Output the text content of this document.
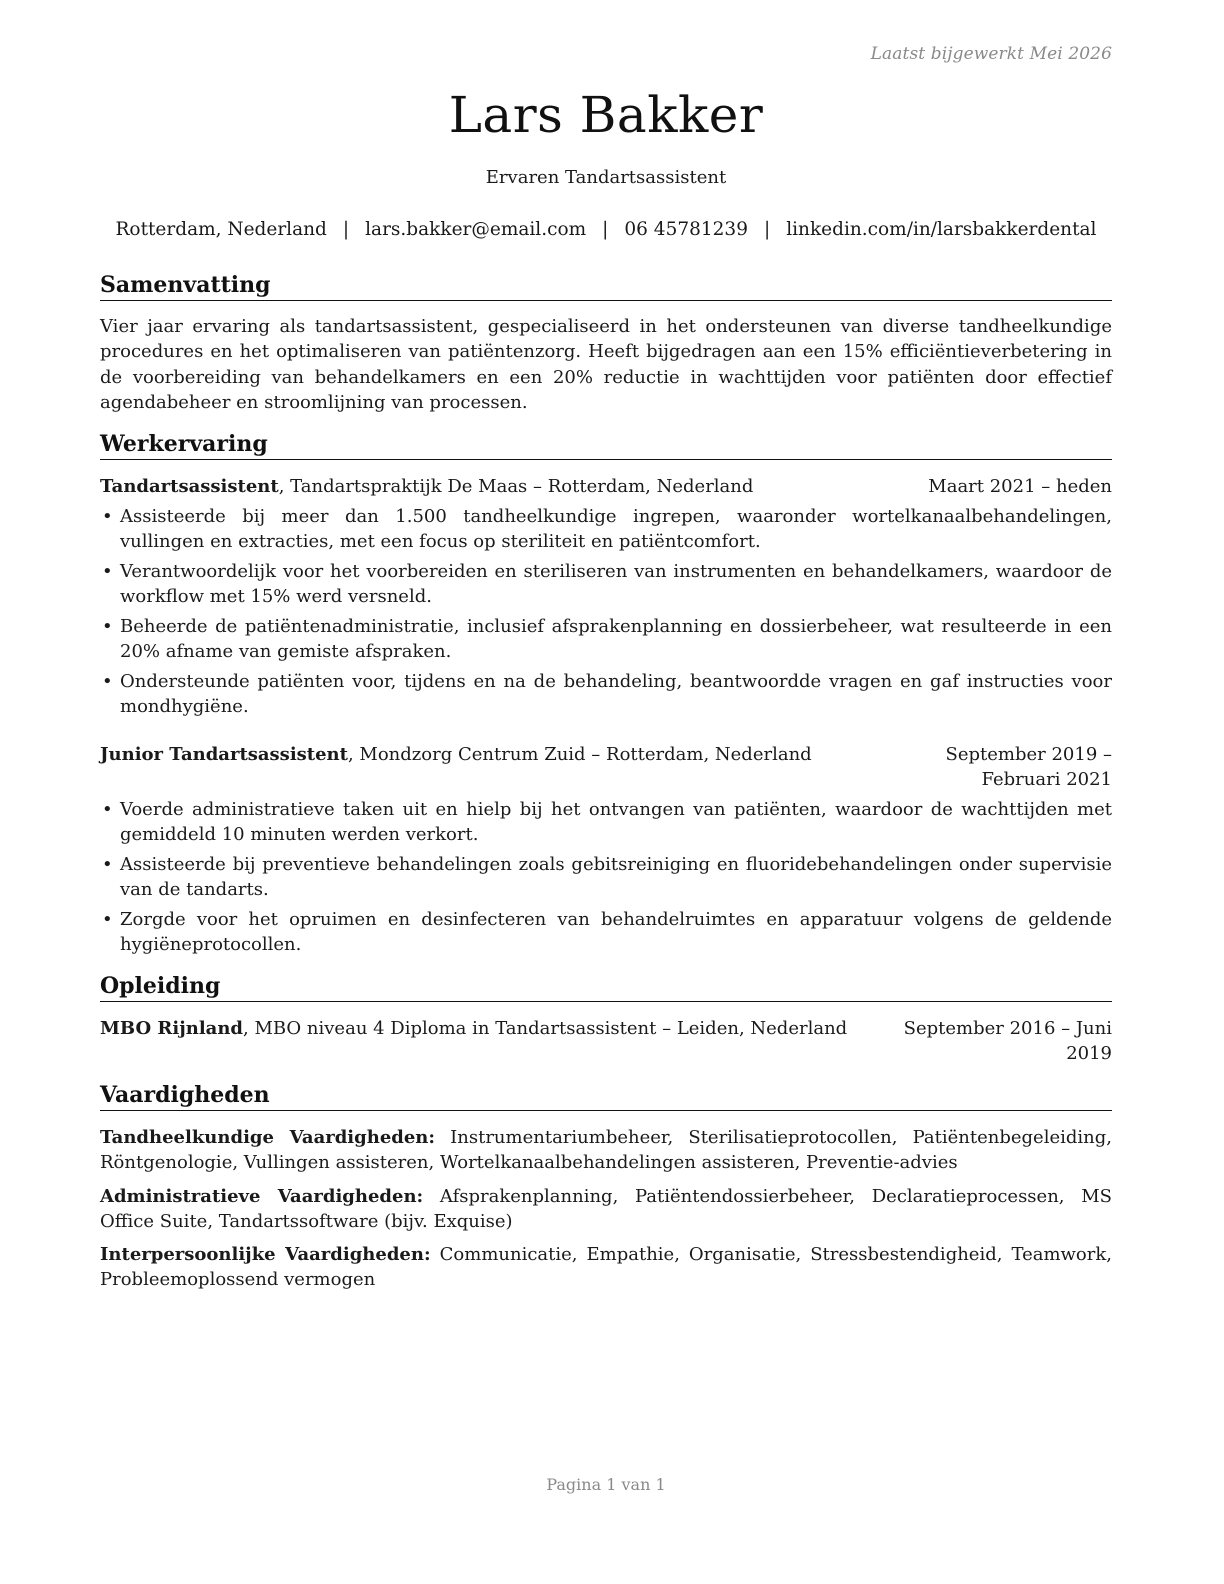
Laatst bijgewerkt Mei 2026
Lars Bakker
Ervaren Tandartsassistent
Rotterdam, Nederland | lars.bakker@email.com | 06 45781239 | linkedin.com/in/larsbakkerdental
Samenvatting
Vier jaar ervaring als tandartsassistent, gespecialiseerd in het ondersteunen van diverse tandheelkundige procedures en het optimaliseren van patiëntenzorg. Heeft bijgedragen aan een 15% efficiëntieverbetering in de voorbereiding van behandelkamers en een 20% reductie in wachttijden voor patiënten door effectief agendabeheer en stroomlijning van processen.
Werkervaring
Tandartsassistent, Tandartspraktijk De Maas – Rotterdam, Nederland	Maart 2021 – heden
• Assisteerde bij meer dan 1.500 tandheelkundige ingrepen, waaronder wortelkanaalbehandelingen, vullingen en extracties, met een focus op steriliteit en patiëntcomfort.
• Verantwoordelijk voor het voorbereiden en steriliseren van instrumenten en behandelkamers, waardoor de workflow met 15% werd versneld.
• Beheerde de patiëntenadministratie, inclusief afsprakenplanning en dossierbeheer, wat resulteerde in een 20% afname van gemiste afspraken.
• Ondersteunde patiënten voor, tijdens en na de behandeling, beantwoordde vragen en gaf instructies voor mondhygiëne.
Junior Tandartsassistent, Mondzorg Centrum Zuid – Rotterdam, Nederland	September 2019 – Februari 2021
• Voerde administratieve taken uit en hielp bij het ontvangen van patiënten, waardoor de wachttijden met gemiddeld 10 minuten werden verkort.
• Assisteerde bij preventieve behandelingen zoals gebitsreiniging en fluoridebehandelingen onder supervisie van de tandarts.
• Zorgde voor het opruimen en desinfecteren van behandelruimtes en apparatuur volgens de geldende hygiëneprotocollen.
Opleiding
MBO Rijnland, MBO niveau 4 Diploma in Tandartsassistent – Leiden, Nederland	September 2016 – Juni 2019
Vaardigheden
Tandheelkundige Vaardigheden: Instrumentariumbeheer, Sterilisatieprotocollen, Patiëntenbegeleiding, Röntgenologie, Vullingen assisteren, Wortelkanaalbehandelingen assisteren, Preventie-advies
Administratieve Vaardigheden: Afsprakenplanning, Patiëntendossierbeheer, Declaratieprocessen, MS Office Suite, Tandartssoftware (bijv. Exquise)
Interpersoonlijke Vaardigheden: Communicatie, Empathie, Organisatie, Stressbestendigheid, Teamwork, Probleemoplossend vermogen
Pagina 1 van 1
